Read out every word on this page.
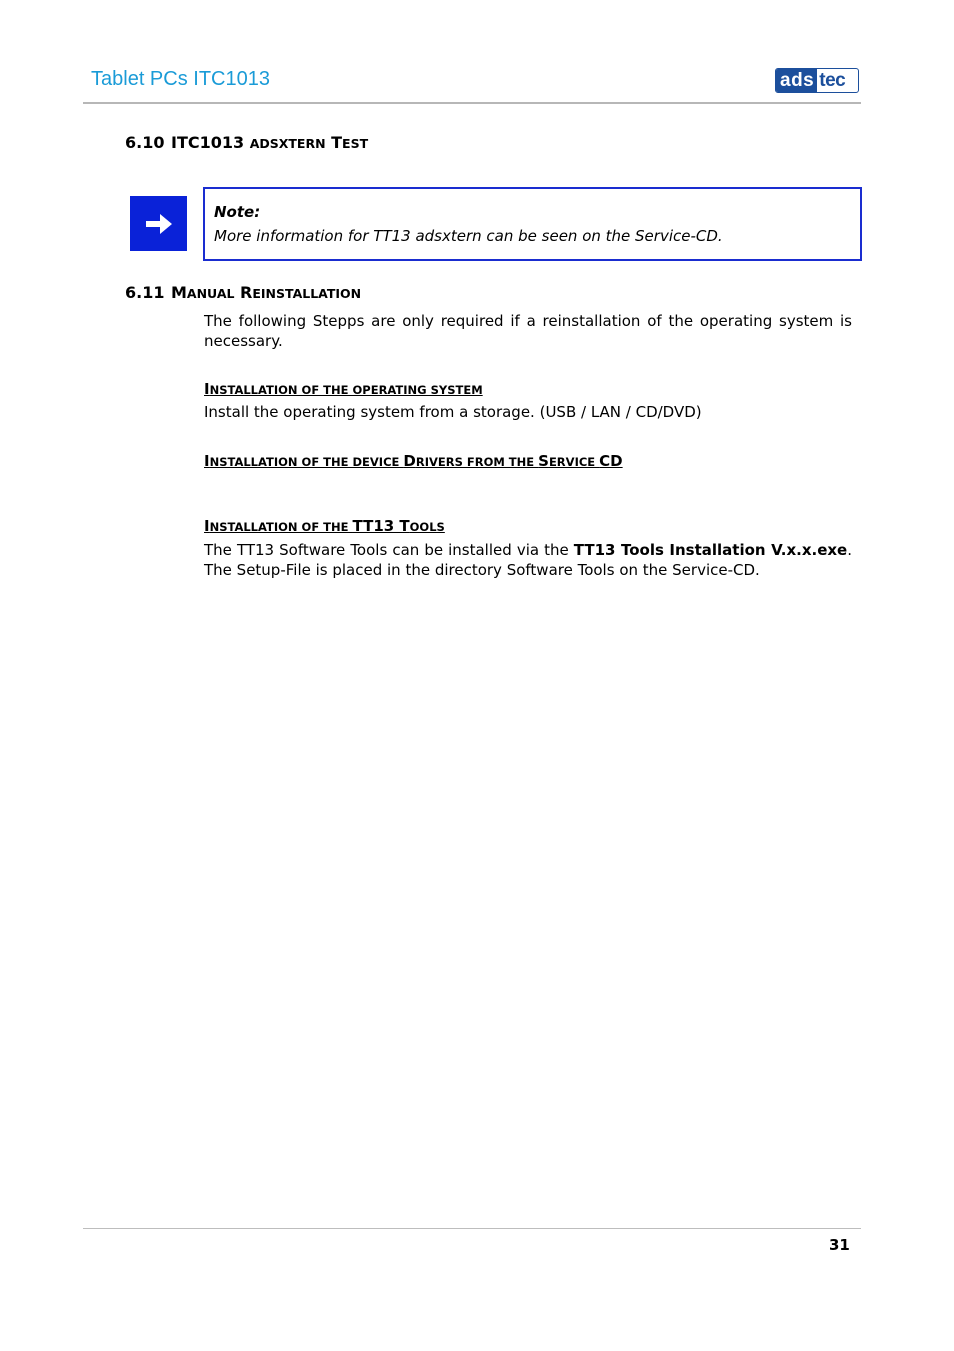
Tablet PCs ITC1013	ads tec
6.10 ITC1013 ADSXTERN TEST
Note:
More information for TT13 adsxtern can be seen on the Service-CD.
6.11 MANUAL REINSTALLATION
The following Stepps are only required if a reinstallation of the operating system is necessary.
INSTALLATION OF THE OPERATING SYSTEM
Install the operating system from a storage. (USB / LAN / CD/DVD)
INSTALLATION OF THE DEVICE DRIVERS FROM THE SERVICE CD
INSTALLATION OF THE TT13 TOOLS
The TT13 Software Tools can be installed via the TT13 Tools Installation V.x.x.exe. The Setup-File is placed in the directory Software Tools on the Service-CD.
31
